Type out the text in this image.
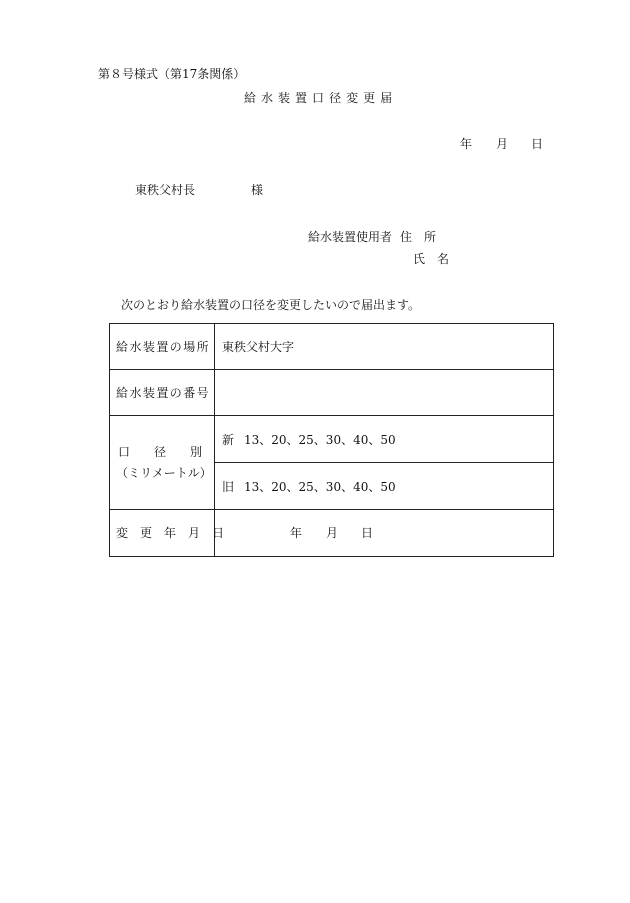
第８号様式（第17条関係）
給 水 装 置 口 径 変 更 届
年 月 日
東秩父村長	様
給水装置使用者 住　所
氏　名
次のとおり給水装置の口径を変更したいので届出ます。
給水装置の場所 東秩父村大字
給水装置の番号
口　　径　　別
（ミリメートル）
新 13、20、25、30、40、50
旧 13、20、25、30、40、50
変　更　年　月　日	年 月 日
